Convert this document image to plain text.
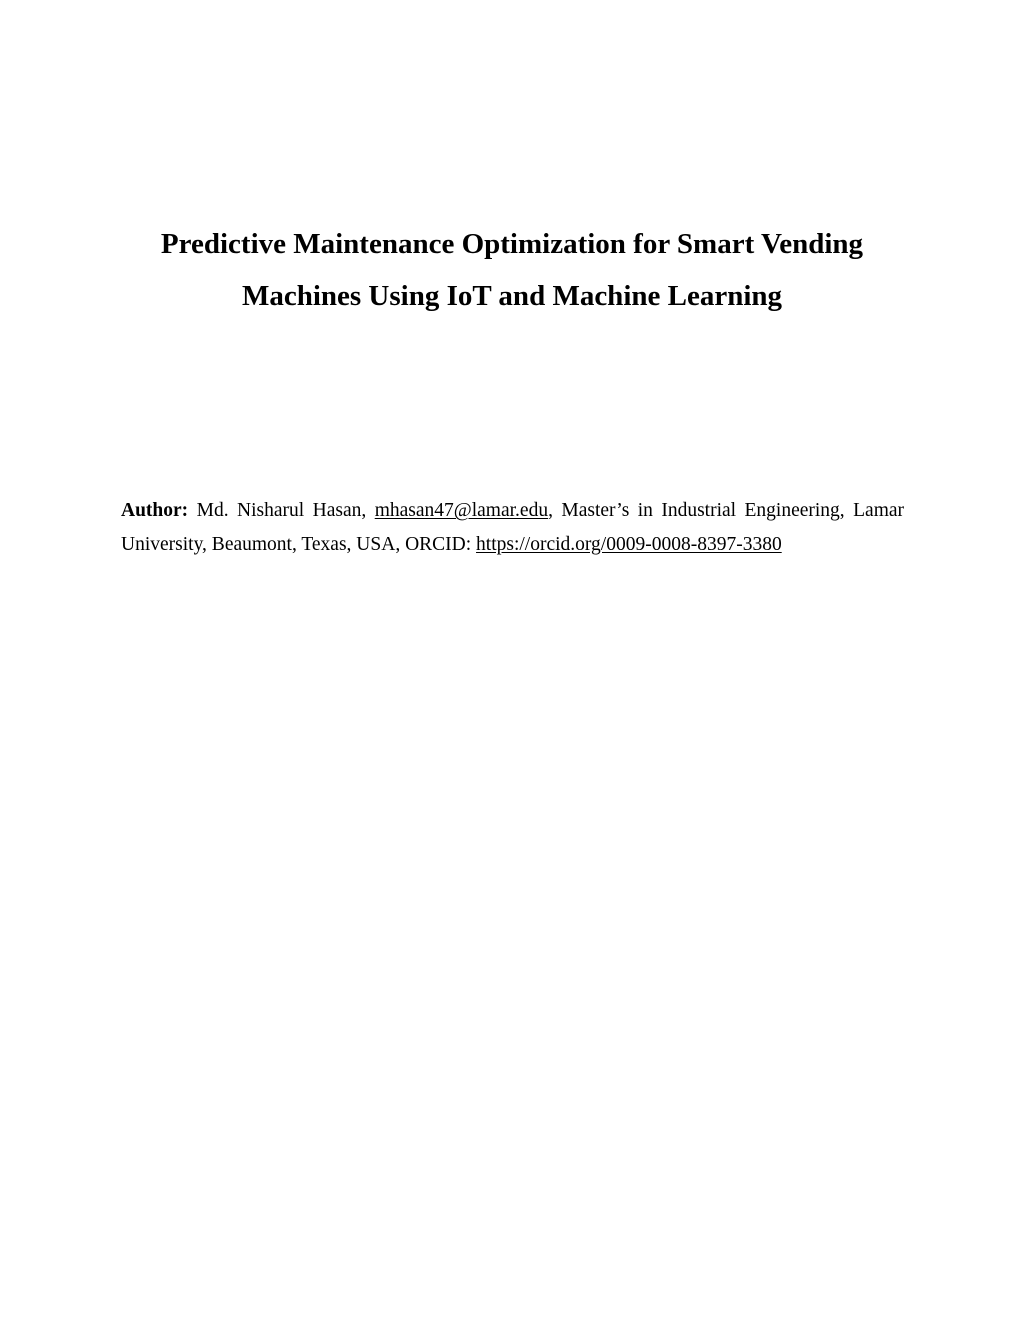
Predictive Maintenance Optimization for Smart Vending

Machines Using IoT and Machine Learning

Author: Md. Nisharul Hasan, mhasan47@lamar.edu, Master’s in Industrial Engineering, Lamar
University, Beaumont, Texas, USA, ORCID: https://orcid.org/0009-0008-8397-3380
